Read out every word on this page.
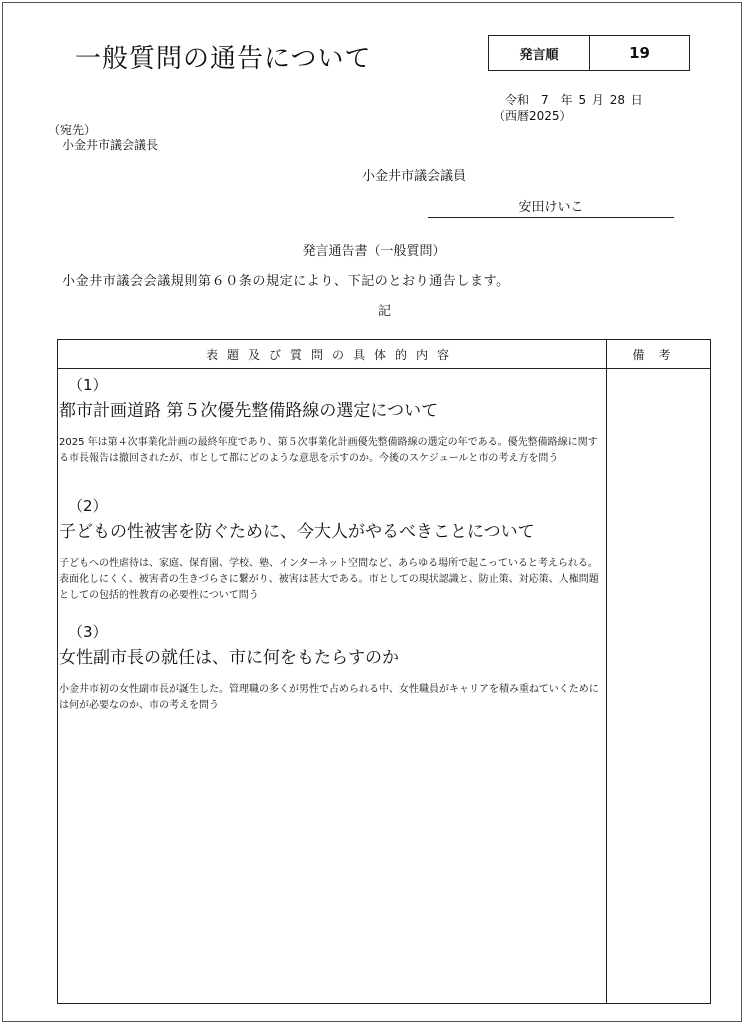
一般質問の通告について	発言順	19
令和　7　年 5 月 28 日
（西暦2025）
（宛先）
小金井市議会議長
小金井市議会議員
安田けいこ
発言通告書（一般質問）
小金井市議会会議規則第６０条の規定により、下記のとおり通告します。
記
表題及び質問の具体的内容	備考
（1）
都市計画道路 第５次優先整備路線の選定について
2025 年は第４次事業化計画の最終年度であり、第５次事業化計画優先整備路線の選定の年である。優先整備路線に関する市長報告は撤回されたが、市として都にどのような意思を示すのか。今後のスケジュールと市の考え方を問う
（2）
子どもの性被害を防ぐために、今大人がやるべきことについて
子どもへの性虐待は、家庭、保育園、学校、塾、インターネット空間など、あらゆる場所で起こっていると考えられる。表面化しにくく、被害者の生きづらさに繋がり、被害は甚大である。市としての現状認識と、防止策、対応策、人権問題としての包括的性教育の必要性について問う
（3）
女性副市長の就任は、市に何をもたらすのか
小金井市初の女性副市長が誕生した。管理職の多くが男性で占められる中、女性職員がキャリアを積み重ねていくためには何が必要なのか、市の考えを問う
